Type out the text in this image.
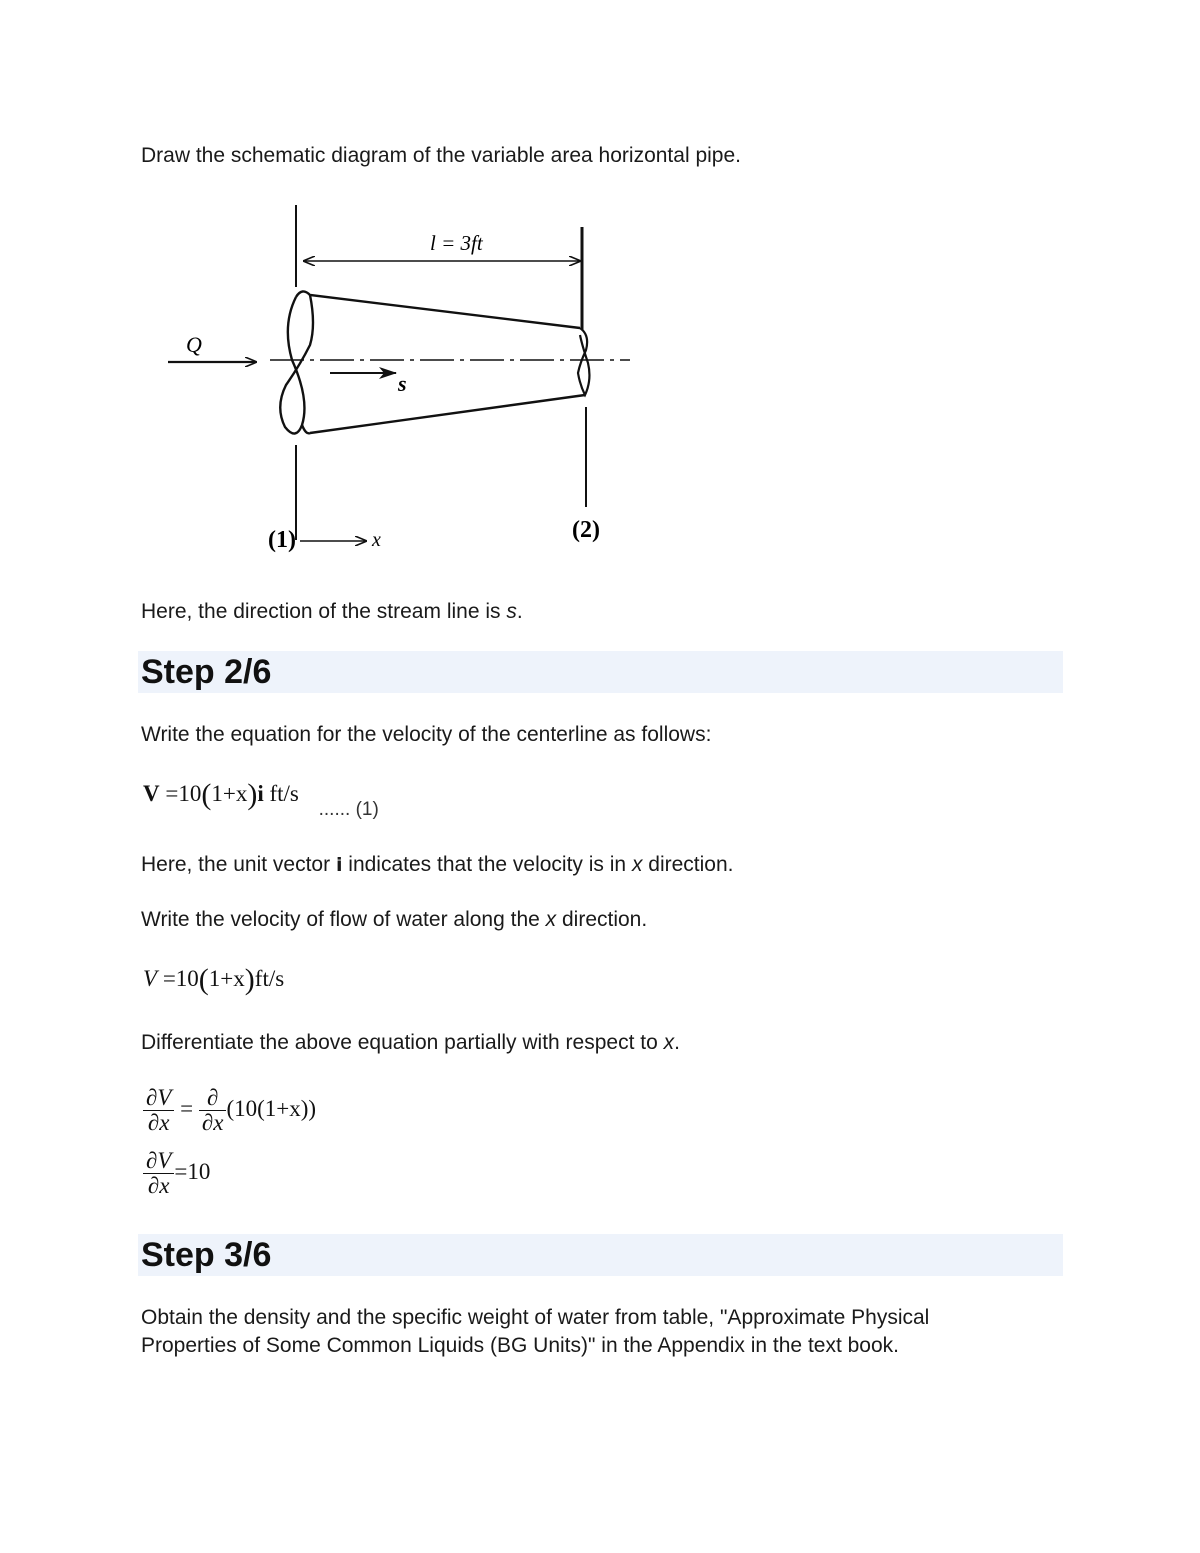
Draw the schematic diagram of the variable area horizontal pipe.

l = 3ft
Q
s
(1)	x	(2)

Here, the direction of the stream line is s.

Step 2/6

Write the equation for the velocity of the centerline as follows:

V =10(1+x)i ft/s $_{...... (1)}$

Here, the unit vector i indicates that the velocity is in x direction.

Write the velocity of flow of water along the x direction.

V =10(1+x)ft/s

Differentiate the above equation partially with respect to x.

$\frac{\partial V}{\partial x} = \frac{\partial}{\partial x} (10(1+x))$
$\frac{\partial V}{\partial x} =10$
Step 3/6

Obtain the density and the specific weight of water from table, "Approximate Physical

Properties of Some Common Liquids (BG Units)" in the Appendix in the text book.
